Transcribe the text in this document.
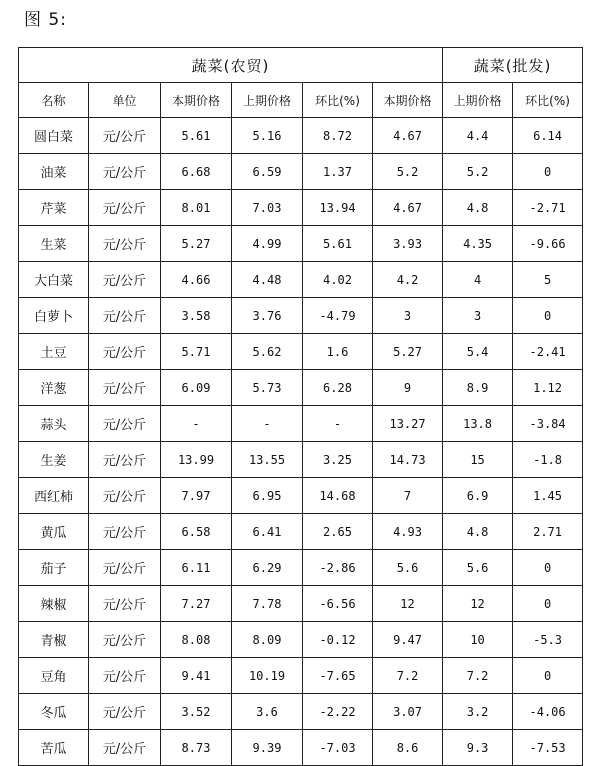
图 5:
蔬菜(农贸)						蔬菜(批发)	
名称	单位	本期价格	上期价格	环比(%)	本期价格	上期价格	环比(%)
圆白菜	元/公斤	5.61	5.16	8.72	4.67	4.4	6.14
油菜	元/公斤	6.68	6.59	1.37	5.2	5.2	0
芹菜	元/公斤	8.01	7.03	13.94	4.67	4.8	-2.71
生菜	元/公斤	5.27	4.99	5.61	3.93	4.35	-9.66
大白菜	元/公斤	4.66	4.48	4.02	4.2	4	5
白萝卜	元/公斤	3.58	3.76	-4.79	3	3	0
土豆	元/公斤	5.71	5.62	1.6	5.27	5.4	-2.41
洋葱	元/公斤	6.09	5.73	6.28	9	8.9	1.12
蒜头	元/公斤	-	-	-	13.27	13.8	-3.84
生姜	元/公斤	13.99	13.55	3.25	14.73	15	-1.8
西红柿	元/公斤	7.97	6.95	14.68	7	6.9	1.45
黄瓜	元/公斤	6.58	6.41	2.65	4.93	4.8	2.71
茄子	元/公斤	6.11	6.29	-2.86	5.6	5.6	0
辣椒	元/公斤	7.27	7.78	-6.56	12	12	0
青椒	元/公斤	8.08	8.09	-0.12	9.47	10	-5.3
豆角	元/公斤	9.41	10.19	-7.65	7.2	7.2	0
冬瓜	元/公斤	3.52	3.6	-2.22	3.07	3.2	-4.06
苦瓜	元/公斤	8.73	9.39	-7.03	8.6	9.3	-7.53
